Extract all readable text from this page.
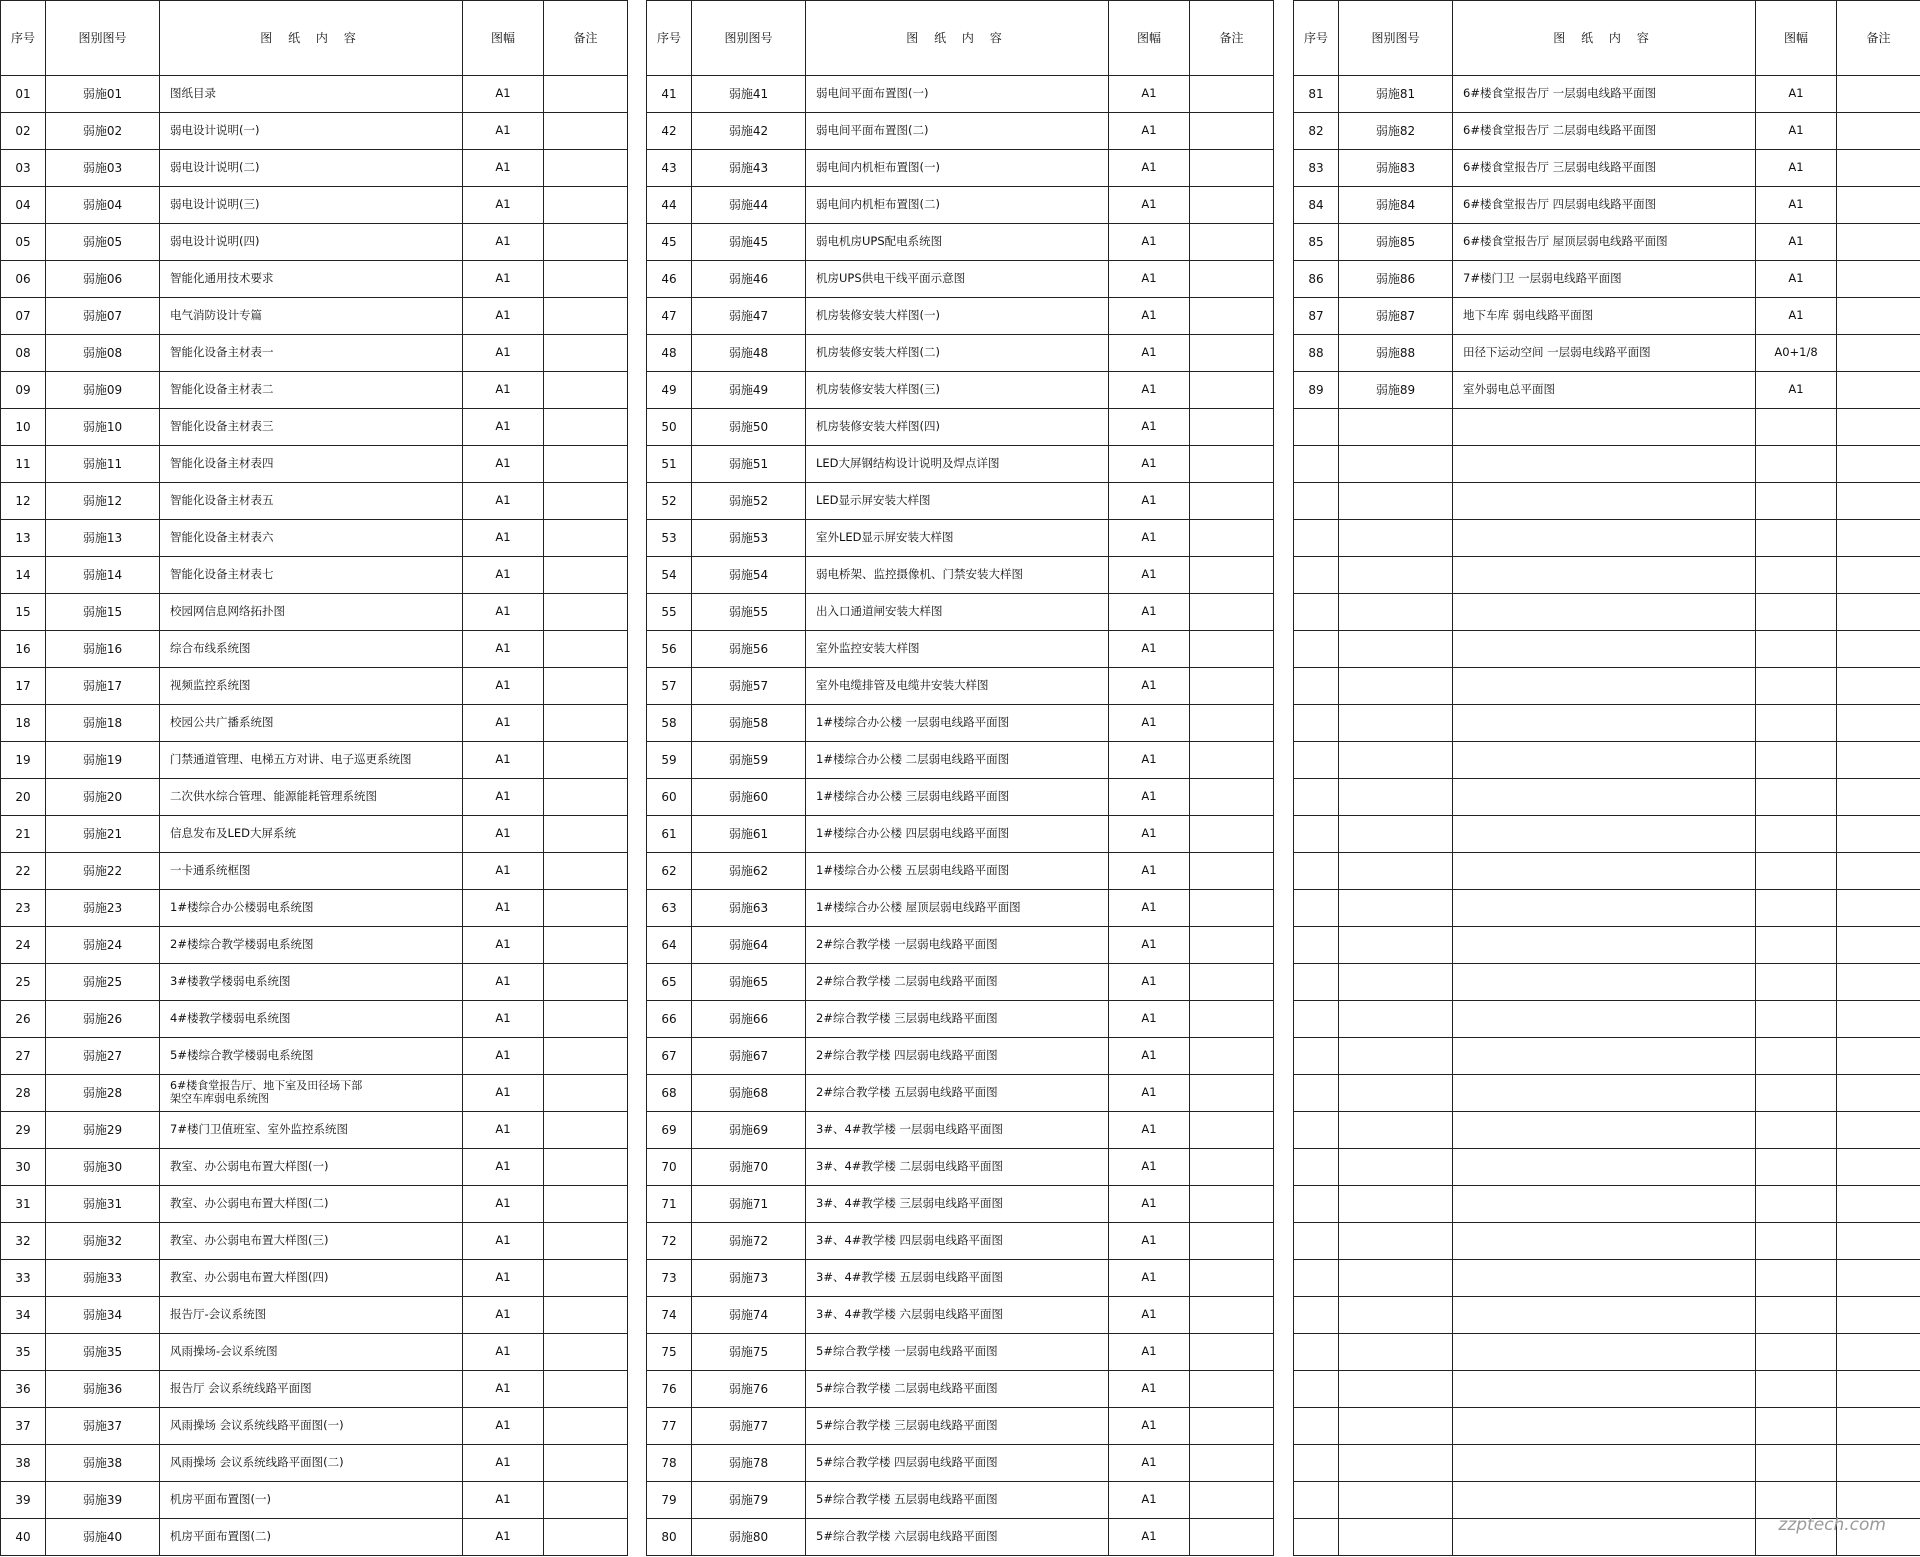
序号	图别图号	图 纸 内 容	图幅	备注
01	弱施01	图纸目录	A1	
02	弱施02	弱电设计说明(一)	A1	
03	弱施03	弱电设计说明(二)	A1	
04	弱施04	弱电设计说明(三)	A1	
05	弱施05	弱电设计说明(四)	A1	
06	弱施06	智能化通用技术要求	A1	
07	弱施07	电气消防设计专篇	A1	
08	弱施08	智能化设备主材表一	A1	
09	弱施09	智能化设备主材表二	A1	
10	弱施10	智能化设备主材表三	A1	
11	弱施11	智能化设备主材表四	A1	
12	弱施12	智能化设备主材表五	A1	
13	弱施13	智能化设备主材表六	A1	
14	弱施14	智能化设备主材表七	A1	
15	弱施15	校园网信息网络拓扑图	A1	
16	弱施16	综合布线系统图	A1	
17	弱施17	视频监控系统图	A1	
18	弱施18	校园公共广播系统图	A1	
19	弱施19	门禁通道管理、电梯五方对讲、电子巡更系统图	A1	
20	弱施20	二次供水综合管理、能源能耗管理系统图	A1	
21	弱施21	信息发布及LED大屏系统	A1	
22	弱施22	一卡通系统框图	A1	
23	弱施23	1#楼综合办公楼弱电系统图	A1	
24	弱施24	2#楼综合教学楼弱电系统图	A1	
25	弱施25	3#楼教学楼弱电系统图	A1	
26	弱施26	4#楼教学楼弱电系统图	A1	
27	弱施27	5#楼综合教学楼弱电系统图	A1	
28	弱施28	6#楼食堂报告厅、地下室及田径场下部
架空车库弱电系统图	A1	
29	弱施29	7#楼门卫值班室、室外监控系统图	A1	
30	弱施30	教室、办公弱电布置大样图(一)	A1	
31	弱施31	教室、办公弱电布置大样图(二)	A1	
32	弱施32	教室、办公弱电布置大样图(三)	A1	
33	弱施33	教室、办公弱电布置大样图(四)	A1	
34	弱施34	报告厅-会议系统图	A1	
35	弱施35	风雨操场-会议系统图	A1	
36	弱施36	报告厅 会议系统线路平面图	A1	
37	弱施37	风雨操场 会议系统线路平面图(一)	A1	
38	弱施38	风雨操场 会议系统线路平面图(二)	A1	
39	弱施39	机房平面布置图(一)	A1	
40	弱施40	机房平面布置图(二)	A1	
序号	图别图号	图 纸 内 容	图幅	备注
41	弱施41	弱电间平面布置图(一)	A1	
42	弱施42	弱电间平面布置图(二)	A1	
43	弱施43	弱电间内机柜布置图(一)	A1	
44	弱施44	弱电间内机柜布置图(二)	A1	
45	弱施45	弱电机房UPS配电系统图	A1	
46	弱施46	机房UPS供电干线平面示意图	A1	
47	弱施47	机房装修安装大样图(一)	A1	
48	弱施48	机房装修安装大样图(二)	A1	
49	弱施49	机房装修安装大样图(三)	A1	
50	弱施50	机房装修安装大样图(四)	A1	
51	弱施51	LED大屏钢结构设计说明及焊点详图	A1	
52	弱施52	LED显示屏安装大样图	A1	
53	弱施53	室外LED显示屏安装大样图	A1	
54	弱施54	弱电桥架、监控摄像机、门禁安装大样图	A1	
55	弱施55	出入口通道闸安装大样图	A1	
56	弱施56	室外监控安装大样图	A1	
57	弱施57	室外电缆排管及电缆井安装大样图	A1	
58	弱施58	1#楼综合办公楼 一层弱电线路平面图	A1	
59	弱施59	1#楼综合办公楼 二层弱电线路平面图	A1	
60	弱施60	1#楼综合办公楼 三层弱电线路平面图	A1	
61	弱施61	1#楼综合办公楼 四层弱电线路平面图	A1	
62	弱施62	1#楼综合办公楼 五层弱电线路平面图	A1	
63	弱施63	1#楼综合办公楼 屋顶层弱电线路平面图	A1	
64	弱施64	2#综合教学楼 一层弱电线路平面图	A1	
65	弱施65	2#综合教学楼 二层弱电线路平面图	A1	
66	弱施66	2#综合教学楼 三层弱电线路平面图	A1	
67	弱施67	2#综合教学楼 四层弱电线路平面图	A1	
68	弱施68	2#综合教学楼 五层弱电线路平面图	A1	
69	弱施69	3#、4#教学楼 一层弱电线路平面图	A1	
70	弱施70	3#、4#教学楼 二层弱电线路平面图	A1	
71	弱施71	3#、4#教学楼 三层弱电线路平面图	A1	
72	弱施72	3#、4#教学楼 四层弱电线路平面图	A1	
73	弱施73	3#、4#教学楼 五层弱电线路平面图	A1	
74	弱施74	3#、4#教学楼 六层弱电线路平面图	A1	
75	弱施75	5#综合教学楼 一层弱电线路平面图	A1	
76	弱施76	5#综合教学楼 二层弱电线路平面图	A1	
77	弱施77	5#综合教学楼 三层弱电线路平面图	A1	
78	弱施78	5#综合教学楼 四层弱电线路平面图	A1	
79	弱施79	5#综合教学楼 五层弱电线路平面图	A1	
80	弱施80	5#综合教学楼 六层弱电线路平面图	A1	
序号	图别图号	图 纸 内 容	图幅	备注
81	弱施81	6#楼食堂报告厅 一层弱电线路平面图	A1	
82	弱施82	6#楼食堂报告厅 二层弱电线路平面图	A1	
83	弱施83	6#楼食堂报告厅 三层弱电线路平面图	A1	
84	弱施84	6#楼食堂报告厅 四层弱电线路平面图	A1	
85	弱施85	6#楼食堂报告厅 屋顶层弱电线路平面图	A1	
86	弱施86	7#楼门卫 一层弱电线路平面图	A1	
87	弱施87	地下车库 弱电线路平面图	A1	
88	弱施88	田径下运动空间 一层弱电线路平面图	A0+1/8	
89	弱施89	室外弱电总平面图	A1	

zzptech.com
